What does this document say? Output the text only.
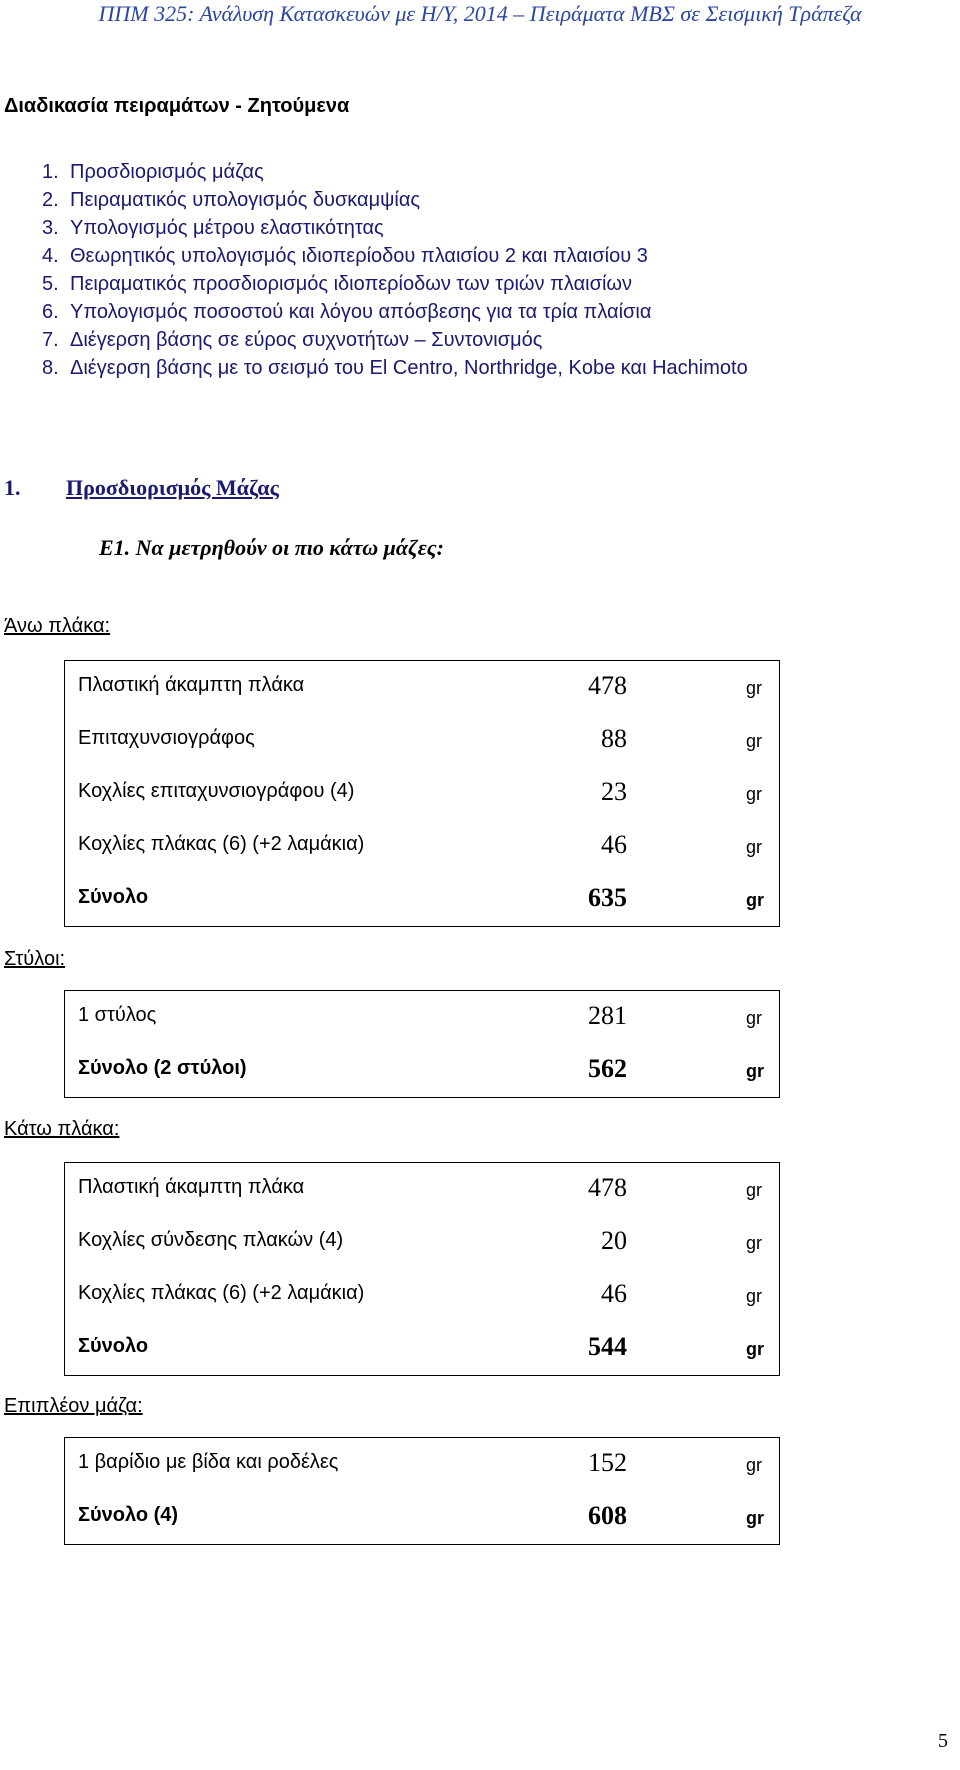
ΠΠΜ 325: Ανάλυση Κατασκευών με Η/Υ, 2014 – Πειράματα ΜΒΣ σε Σεισμική Τράπεζα
Διαδικασία πειραμάτων - Ζητούμενα
1. Προσδιορισμός μάζας
2. Πειραματικός υπολογισμός δυσκαμψίας
3. Υπολογισμός μέτρου ελαστικότητας
4. Θεωρητικός υπολογισμός ιδιοπερίοδου πλαισίου 2 και πλαισίου 3
5. Πειραματικός προσδιορισμός ιδιοπερίοδων των τριών πλαισίων
6. Υπολογισμός ποσοστού και λόγου απόσβεσης για τα τρία πλαίσια
7. Διέγερση βάσης σε εύρος συχνοτήτων – Συντονισμός
8. Διέγερση βάσης με το σεισμό του El Centro, Northridge, Kobe και Hachimoto
1. Προσδιορισμός Μάζας
Ε1. Να μετρηθούν οι πιο κάτω μάζες:
Άνω πλάκα:
Πλαστική άκαμπτη πλάκα	478	gr
Επιταχυνσιογράφος	88	gr
Κοχλίες επιταχυνσιογράφου (4)	23	gr
Κοχλίες πλάκας (6) (+2 λαμάκια)	46	gr
Σύνολο	635	gr
Στύλοι:
1 στύλος	281	gr
Σύνολο (2 στύλοι)	562	gr
Κάτω πλάκα:
Πλαστική άκαμπτη πλάκα	478	gr
Κοχλίες σύνδεσης πλακών (4)	20	gr
Κοχλίες πλάκας (6) (+2 λαμάκια)	46	gr
Σύνολο	544	gr
Επιπλέον μάζα:
1 βαρίδιο με βίδα και ροδέλες	152	gr
Σύνολο (4)	608	gr
5
